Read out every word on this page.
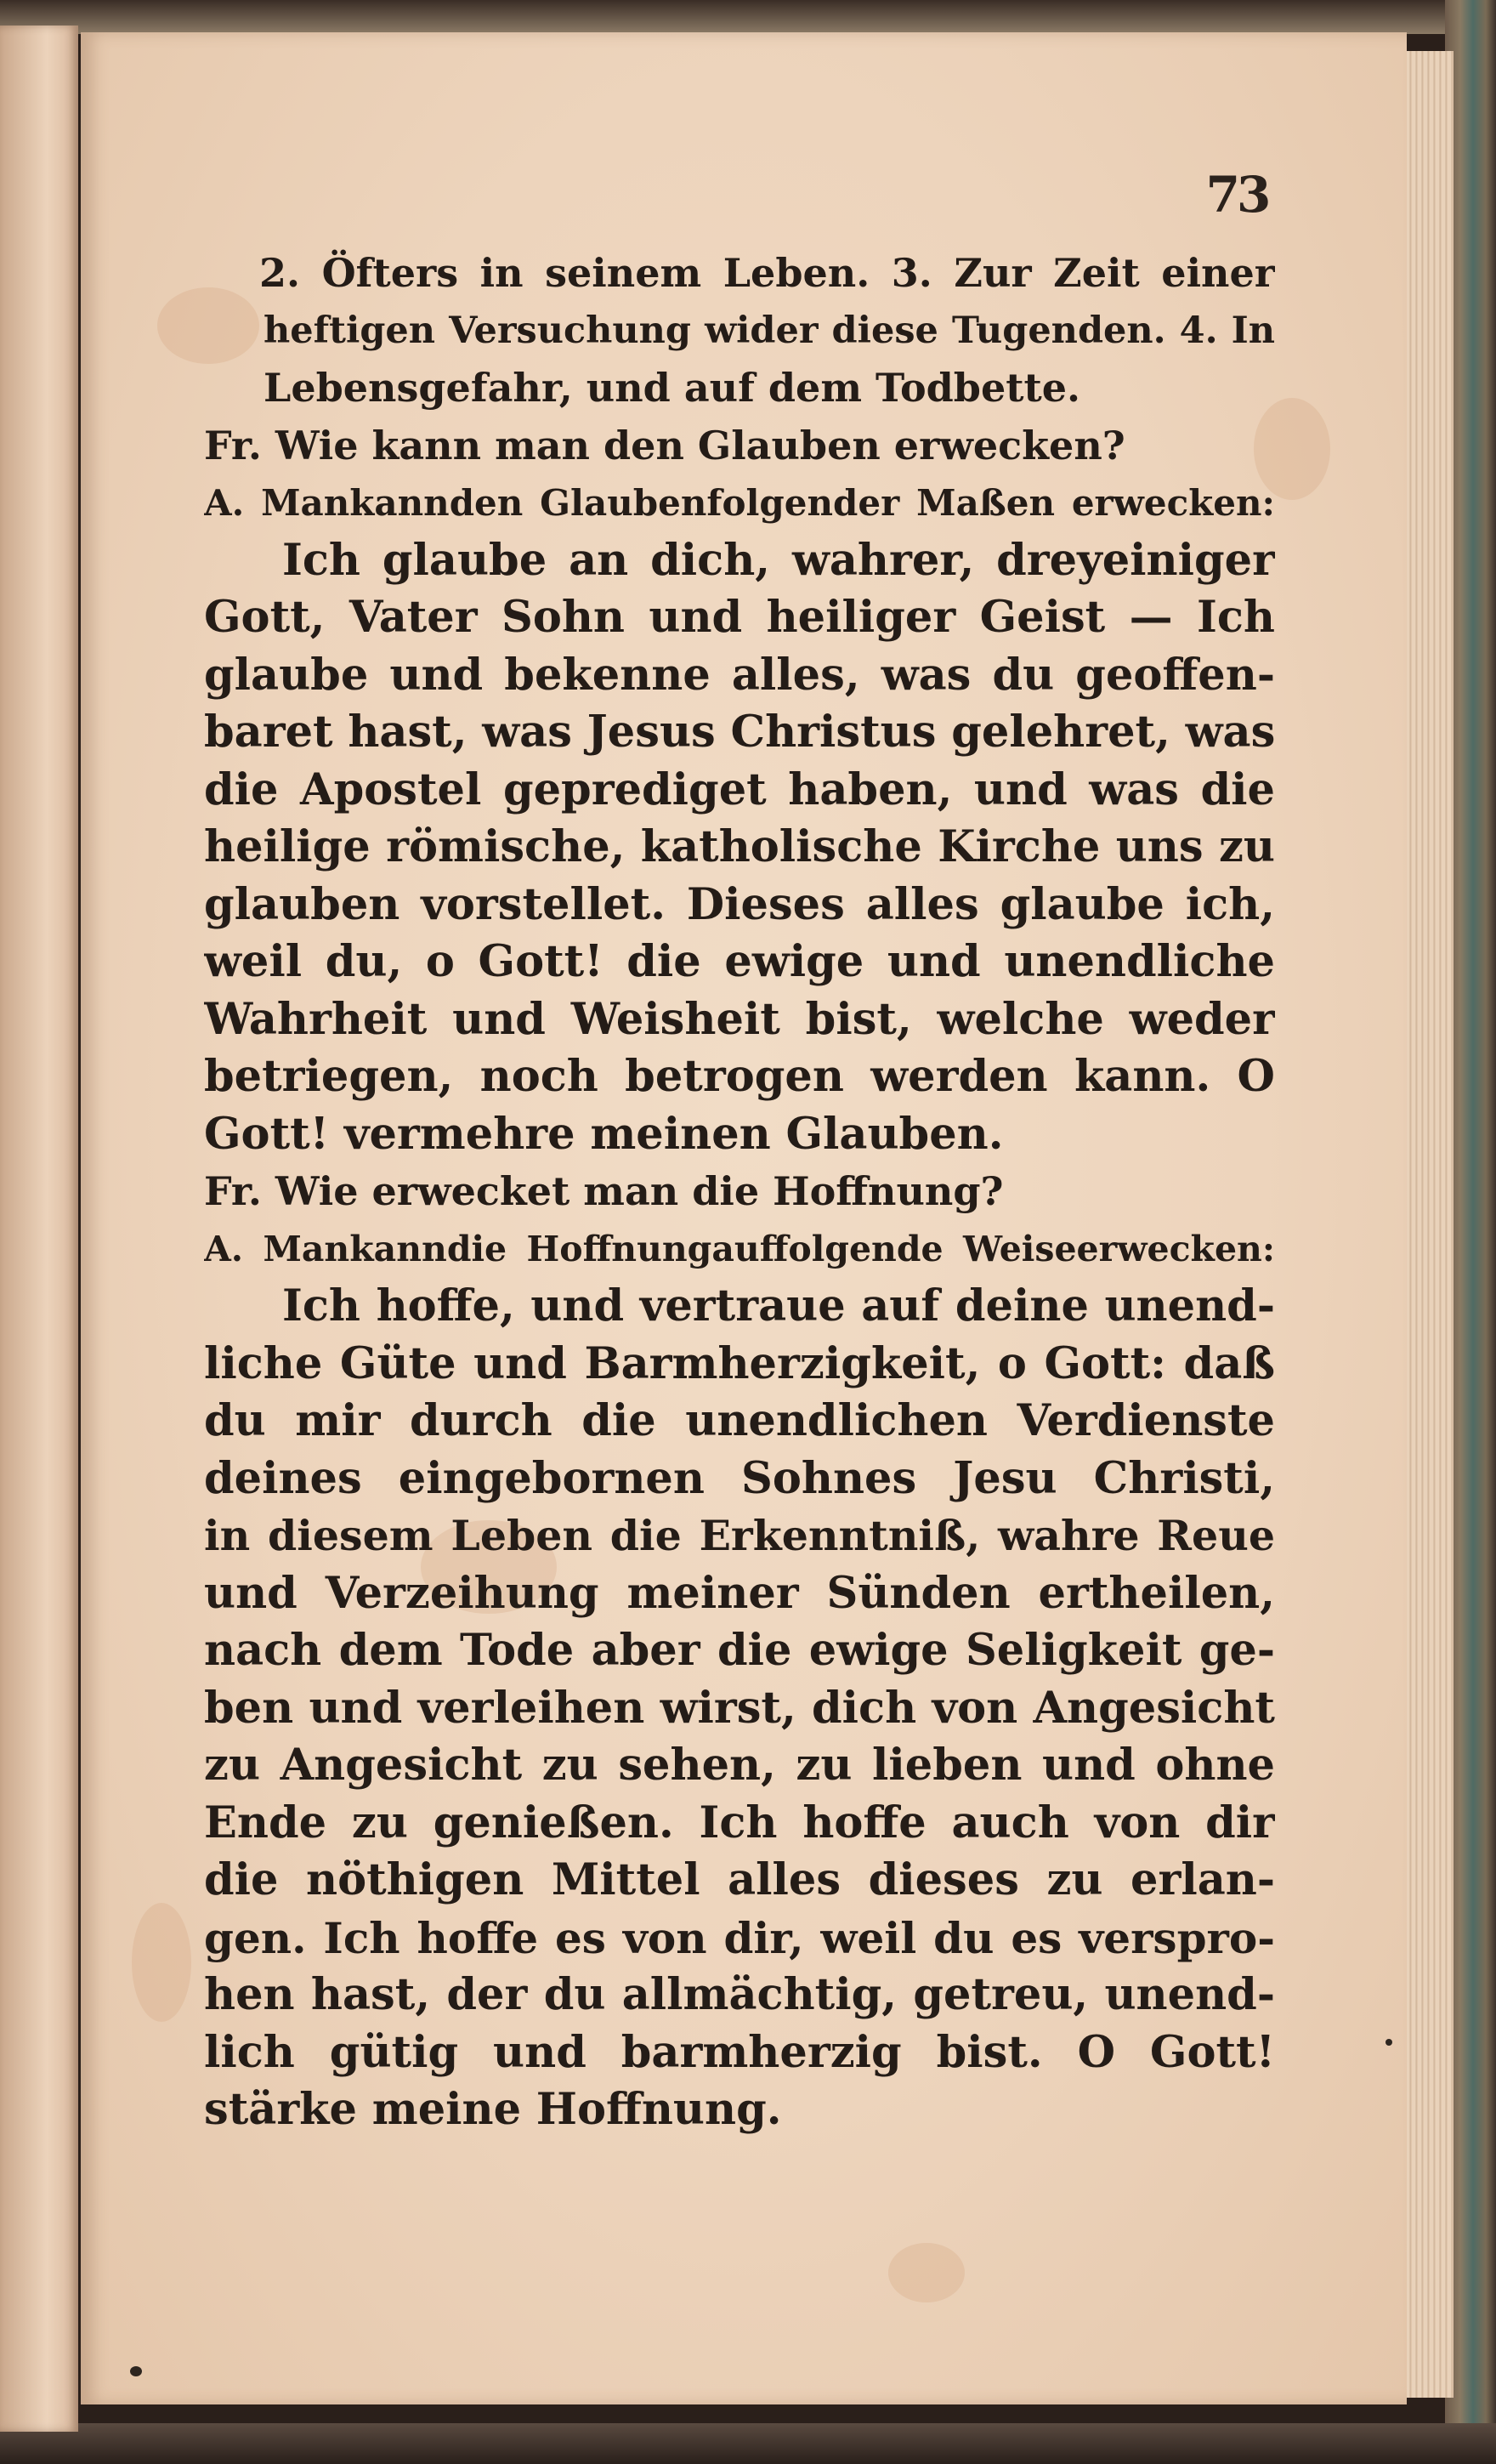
73
2. Öfters in seinem Leben. 3. Zur Zeit einer
heftigen Versuchung wider diese Tugenden. 4. In
Lebensgefahr, und auf dem Todbette.
Fr. Wie kann man den Glauben erwecken?
A. Mankannden Glaubenfolgender Maßen erwecken:
Ich glaube an dich, wahrer, dreyeiniger
Gott, Vater Sohn und heiliger Geist — Ich
glaube und bekenne alles, was du geoffen-
baret hast, was Jesus Christus gelehret, was
die Apostel geprediget haben, und was die
heilige römische, katholische Kirche uns zu
glauben vorstellet. Dieses alles glaube ich,
weil du, o Gott! die ewige und unendliche
Wahrheit und Weisheit bist, welche weder
betriegen, noch betrogen werden kann. O
Gott! vermehre meinen Glauben.
Fr. Wie erwecket man die Hoffnung?
A. Mankanndie Hoffnungauffolgende Weiseerwecken:
Ich hoffe, und vertraue auf deine unend-
liche Güte und Barmherzigkeit, o Gott: daß
du mir durch die unendlichen Verdienste
deines eingebornen Sohnes Jesu Christi,
in diesem Leben die Erkenntniß, wahre Reue
und Verzeihung meiner Sünden ertheilen,
nach dem Tode aber die ewige Seligkeit ge-
ben und verleihen wirst, dich von Angesicht
zu Angesicht zu sehen, zu lieben und ohne
Ende zu genießen. Ich hoffe auch von dir
die nöthigen Mittel alles dieses zu erlan-
gen. Ich hoffe es von dir, weil du es verspro-
hen hast, der du allmächtig, getreu, unend-
lich gütig und barmherzig bist. O Gott!
stärke meine Hoffnung.
